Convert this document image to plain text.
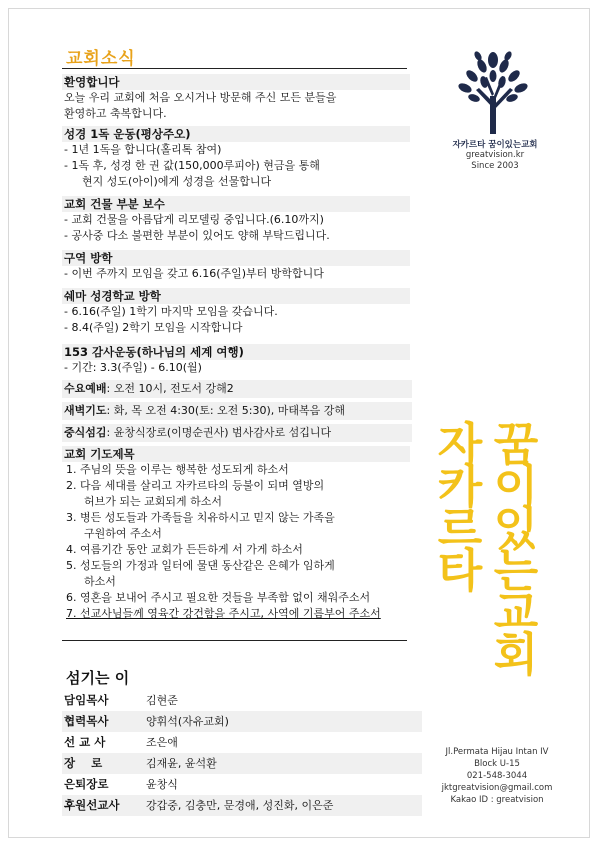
교회소식
환영합니다
오늘 우리 교회에 처음 오시거나 방문해 주신 모든 분들을
환영하고 축복합니다.
성경 1독 운동(평상주오)
- 1년 1독을 합니다(홀리톡 참여)
- 1독 후, 성경 한 권 값(150,000루피아) 현금을 통해
현지 성도(아이)에게 성경을 선물합니다
교회 건물 부분 보수
- 교회 건물을 아름답게 리모델링 중입니다.(6.10까지)
- 공사중 다소 불편한 부분이 있어도 양해 부탁드립니다.
구역 방학
- 이번 주까지 모임을 갖고 6.16(주일)부터 방학합니다
쉐마 성경학교 방학
- 6.16(주일) 1학기 마지막 모임을 갖습니다.
- 8.4(주일) 2학기 모임을 시작합니다
153 감사운동(하나님의 세계 여행)
- 기간: 3.3(주일) - 6.10(월)
수요예배: 오전 10시, 전도서 강해2
새벽기도: 화, 목 오전 4:30(토: 오전 5:30), 마태복음 강해
중식섬김: 윤창식장로(이명순권사) 범사감사로 섬깁니다
교회 기도제목
1. 주님의 뜻을 이루는 행복한 성도되게 하소서
2. 다음 세대를 살리고 자카르타의 등불이 되며 열방의
허브가 되는 교회되게 하소서
3. 병든 성도들과 가족들을 치유하시고 믿지 않는 가족을
구원하여 주소서
4. 여름기간 동안 교회가 든든하게 서 가게 하소서
5. 성도들의 가정과 일터에 물댄 동산같은 은혜가 임하게
하소서
6. 영혼을 보내어 주시고 필요한 것들을 부족함 없이 채워주소서
7. 선교사님들께 영육간 강건함을 주시고, 사역에 기름부어 주소서
섬기는 이
담임목사	김현준
협력목사	양휘석(자유교회)
선 교 사	조은애
장    로	김재윤, 윤석환
은퇴장로	윤창식
후원선교사	강갑중, 김충만, 문경애, 성진화, 이은준
자카르타 꿈이있는교회
greatvision.kr
Since 2003
자카르타 꿈이있는교회
Jl.Permata Hijau Intan IV
Block U-15
021-548-3044
jktgreatvision@gmail.com
Kakao ID : greatvision
